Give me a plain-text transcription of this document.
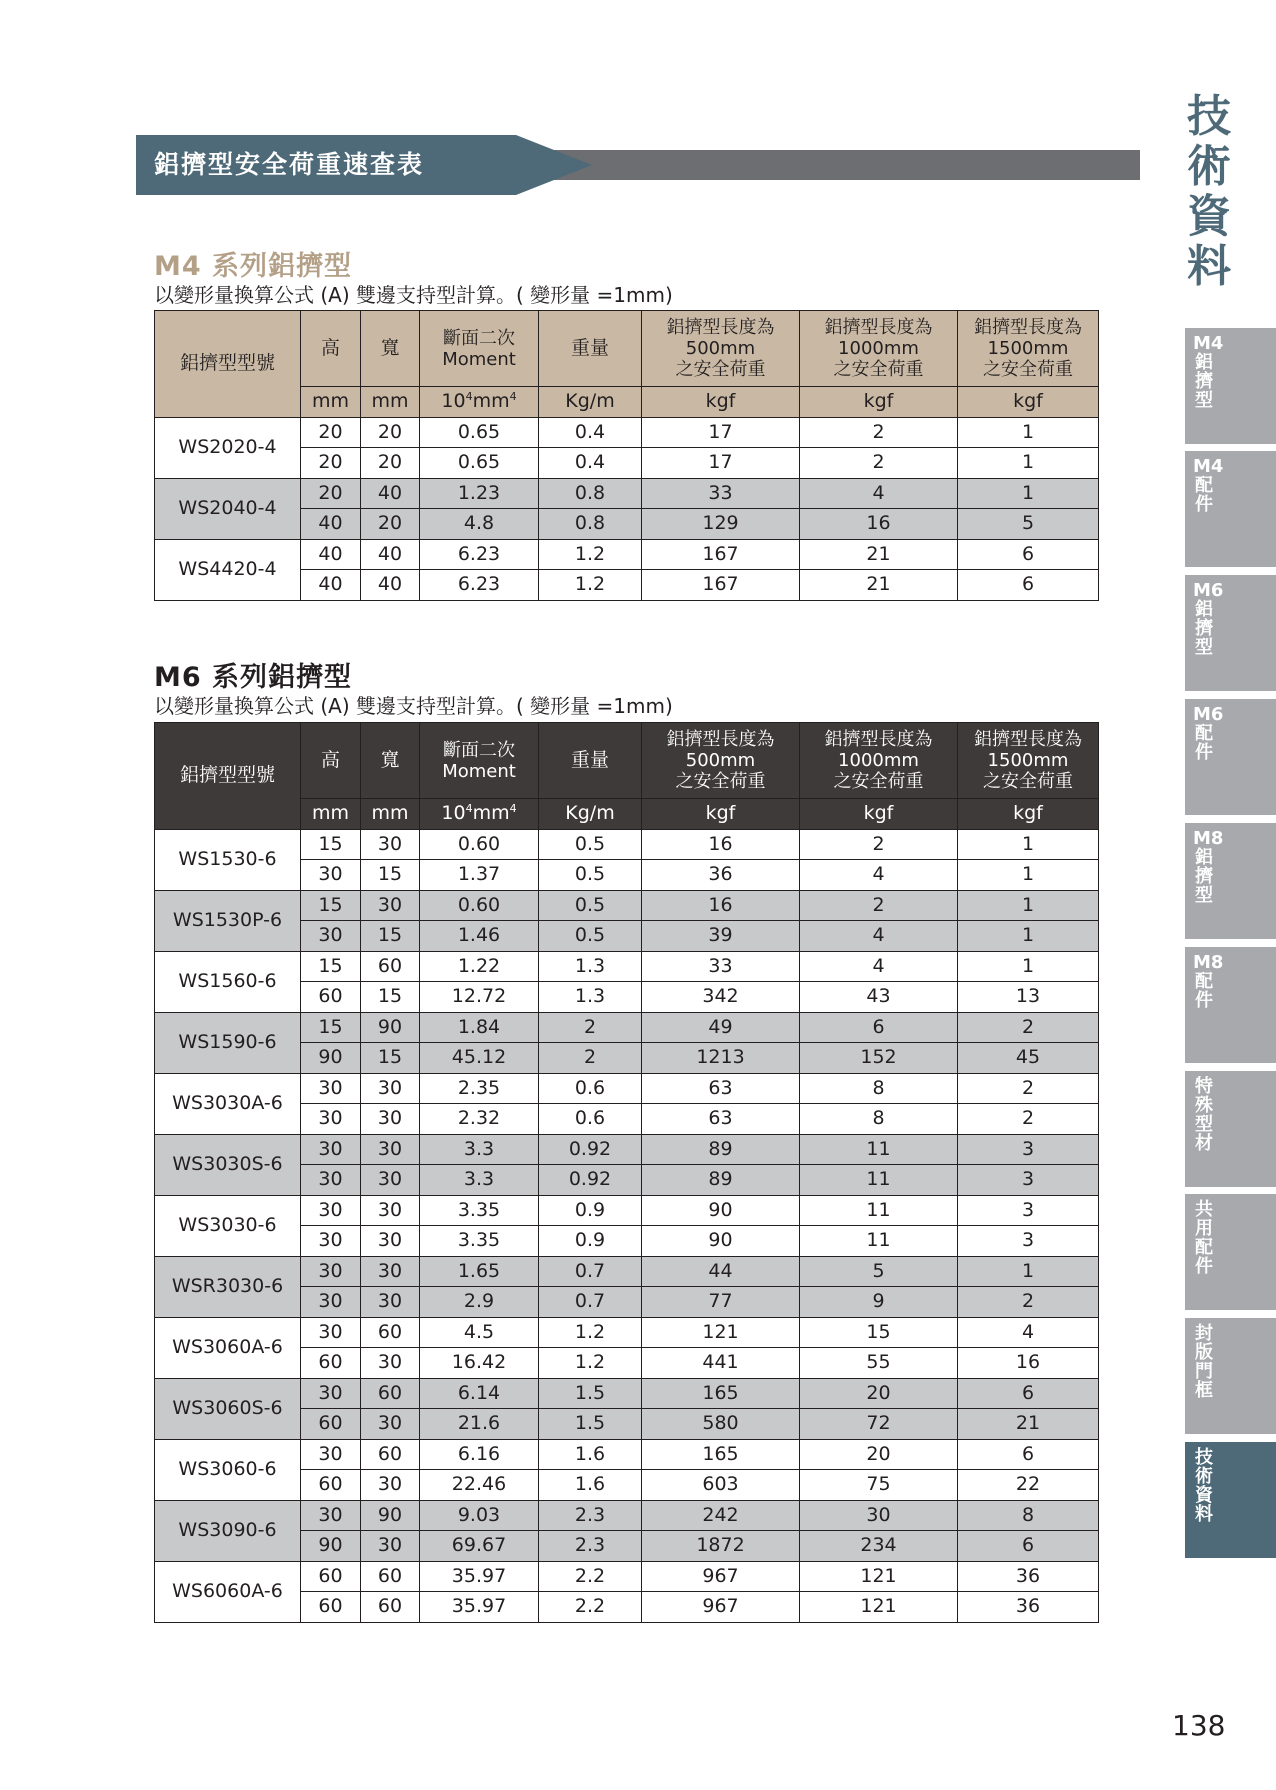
鋁擠型安全荷重速查表
M4 系列鋁擠型
以變形量換算公式 (A) 雙邊支持型計算。( 變形量 =1mm)
鋁擠型型號	高	寬	斷面二次
Moment	重量	鋁擠型長度為
500mm
之安全荷重	鋁擠型長度為
1000mm
之安全荷重	鋁擠型長度為
1500mm
之安全荷重
	mm	mm	$10^4mm^4$	Kg/m	kgf	kgf	kgf
WS2020-4	20	20	0.65	0.4	17	2	1
	20	20	0.65	0.4	17	2	1
WS2040-4	20	40	1.23	0.8	33	4	1
	40	20	4.8	0.8	129	16	5
WS4420-4	40	40	6.23	1.2	167	21	6
	40	40	6.23	1.2	167	21	6
M6 系列鋁擠型
以變形量換算公式 (A) 雙邊支持型計算。( 變形量 =1mm)
鋁擠型型號	高	寬	斷面二次
Moment	重量	鋁擠型長度為
500mm
之安全荷重	鋁擠型長度為
1000mm
之安全荷重	鋁擠型長度為
1500mm
之安全荷重
	mm	mm	$10^4mm^4$	Kg/m	kgf	kgf	kgf
WS1530-6	15	30	0.60	0.5	16	2	1
	30	15	1.37	0.5	36	4	1
WS1530P-6	15	30	0.60	0.5	16	2	1
	30	15	1.46	0.5	39	4	1
WS1560-6	15	60	1.22	1.3	33	4	1
	60	15	12.72	1.3	342	43	13
WS1590-6	15	90	1.84	2	49	6	2
	90	15	45.12	2	1213	152	45
WS3030A-6	30	30	2.35	0.6	63	8	2
	30	30	2.32	0.6	63	8	2
WS3030S-6	30	30	3.3	0.92	89	11	3
	30	30	3.3	0.92	89	11	3
WS3030-6	30	30	3.35	0.9	90	11	3
	30	30	3.35	0.9	90	11	3
WSR3030-6	30	30	1.65	0.7	44	5	1
	30	30	2.9	0.7	77	9	2
WS3060A-6	30	60	4.5	1.2	121	15	4
	60	30	16.42	1.2	441	55	16
WS3060S-6	30	60	6.14	1.5	165	20	6
	60	30	21.6	1.5	580	72	21
WS3060-6	30	60	6.16	1.6	165	20	6
	60	30	22.46	1.6	603	75	22
WS3090-6	30	90	9.03	2.3	242	30	8
	90	30	69.67	2.3	1872	234	6
WS6060A-6	60	60	35.97	2.2	967	121	36
	60	60	35.97	2.2	967	121	36
技術資料
M4鋁擠型
M4配件
M6鋁擠型
M6配件
M8鋁擠型
M8配件
特殊型材
共用配件
封版　門框
技術資料
138
